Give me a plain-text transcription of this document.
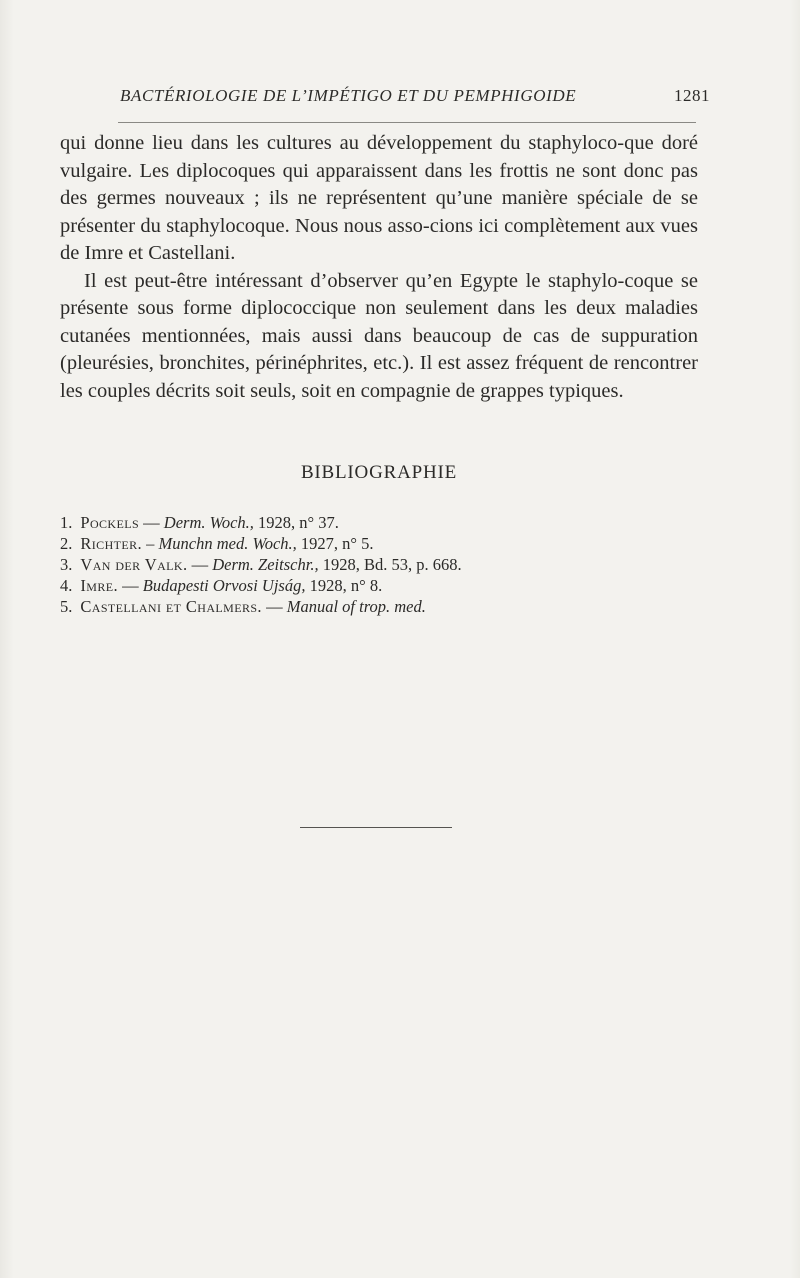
BACTÉRIOLOGIE DE L’IMPÉTIGO ET DU PEMPHIGOIDE	1281

qui donne lieu dans les cultures au développement du staphyloco-que doré vulgaire. Les diplocoques qui apparaissent dans les frottis ne sont donc pas des germes nouveaux ; ils ne représentent qu’une manière spéciale de se présenter du staphylocoque. Nous nous asso-cions ici complètement aux vues de Imre et Castellani.

Il est peut-être intéressant d’observer qu’en Egypte le staphylo-coque se présente sous forme diplococcique non seulement dans les deux maladies cutanées mentionnées, mais aussi dans beaucoup de cas de suppuration (pleurésies, bronchites, périnéphrites, etc.). Il est assez fréquent de rencontrer les couples décrits soit seuls, soit en compagnie de grappes typiques.

BIBLIOGRAPHIE
1. Pockels — Derm. Woch., 1928, n° 37.
2. Richter. – Munchn med. Woch., 1927, n° 5.
3. Van der Valk. — Derm. Zeitschr., 1928, Bd. 53, p. 668.
4. Imre. — Budapesti Orvosi Ujság, 1928, n° 8.
5. Castellani et Chalmers. — Manual of trop. med.
